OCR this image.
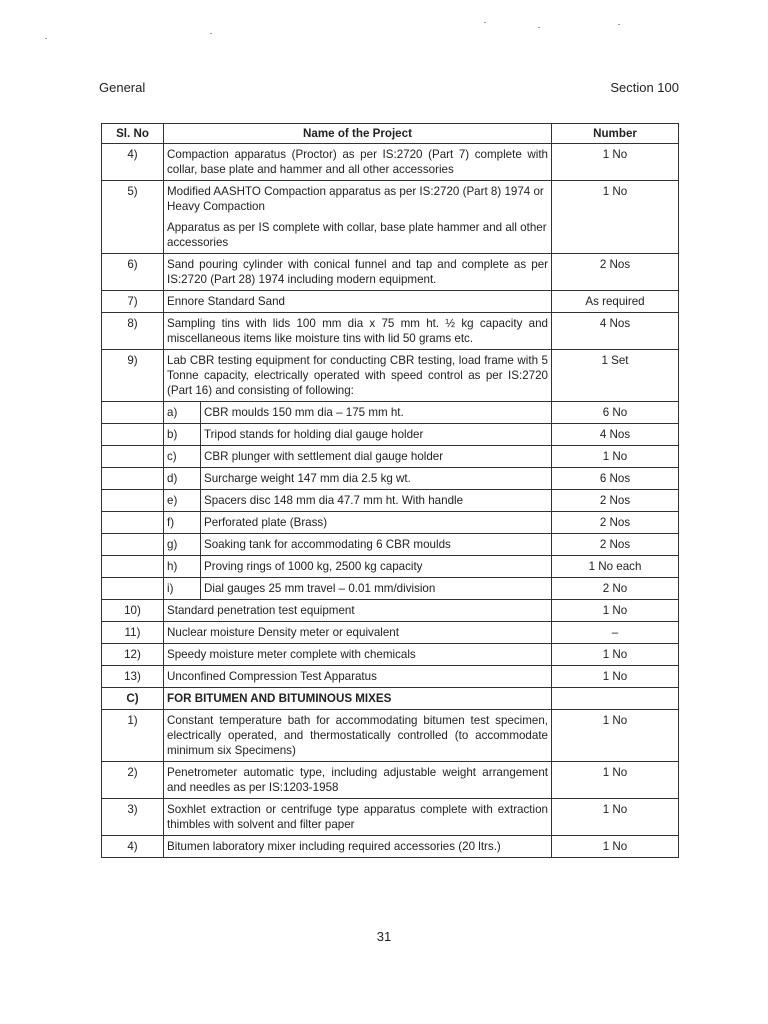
General	Section 100
Sl. No	Name of the Project		Number
4)	Compaction apparatus (Proctor) as per IS:2720 (Part 7) complete with collar, base plate and hammer and all other accessories		1 No
5)	Modified AASHTO Compaction apparatus as per IS:2720 (Part 8) 1974 or Heavy Compaction
Apparatus as per IS complete with collar, base plate hammer and all other accessories		1 No
6)	Sand pouring cylinder with conical funnel and tap and complete as per IS:2720 (Part 28) 1974 including modern equipment.		2 Nos
7)	Ennore Standard Sand		As required
8)	Sampling tins with lids 100 mm dia x 75 mm ht. ½ kg capacity and miscellaneous items like moisture tins with lid 50 grams etc.		4 Nos
9)	Lab CBR testing equipment for conducting CBR testing, load frame with 5 Tonne capacity, electrically operated with speed control as per IS:2720 (Part 16) and consisting of following:		1 Set
	a)	CBR moulds 150 mm dia – 175 mm ht.	6 No
	b)	Tripod stands for holding dial gauge holder	4 Nos
	c)	CBR plunger with settlement dial gauge holder	1 No
	d)	Surcharge weight 147 mm dia 2.5 kg wt.	6 Nos
	e)	Spacers disc 148 mm dia 47.7 mm ht. With handle	2 Nos
	f)	Perforated plate (Brass)	2 Nos
	g)	Soaking tank for accommodating 6 CBR moulds	2 Nos
	h)	Proving rings of 1000 kg, 2500 kg capacity	1 No each
	i)	Dial gauges 25 mm travel – 0.01 mm/division	2 No
10)	Standard penetration test equipment		1 No
11)	Nuclear moisture Density meter or equivalent		–
12)	Speedy moisture meter complete with chemicals		1 No
13)	Unconfined Compression Test Apparatus		1 No
C)	FOR BITUMEN AND BITUMINOUS MIXES		
1)	Constant temperature bath for accommodating bitumen test specimen, electrically operated, and thermostatically controlled (to accommodate minimum six Specimens)		1 No
2)	Penetrometer automatic type, including adjustable weight arrangement and needles as per IS:1203-1958		1 No
3)	Soxhlet extraction or centrifuge type apparatus complete with extraction thimbles with solvent and filter paper		1 No
4)	Bitumen laboratory mixer including required accessories (20 ltrs.)		1 No
31
